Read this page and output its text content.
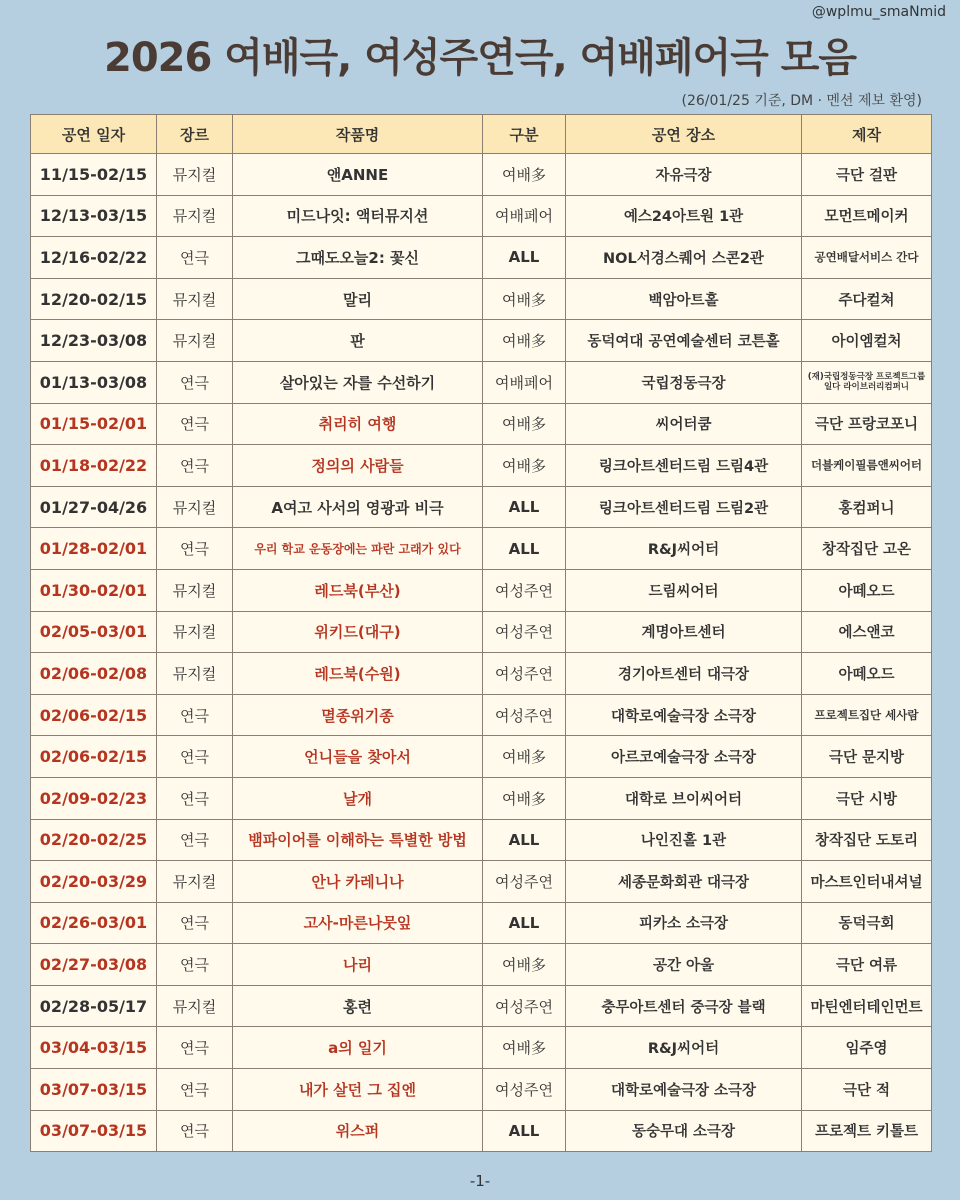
@wplmu_smaNmid
2026 여배극, 여성주연극, 여배페어극 모음
(26/01/25 기준, DM · 멘션 제보 환영)
공연 일자	장르	작품명	구분	공연 장소	제작
11/15-02/15	뮤지컬	앤ANNE	여배多	자유극장	극단 걸판
12/13-03/15	뮤지컬	미드나잇: 액터뮤지션	여배페어	예스24아트원 1관	모먼트메이커
12/16-02/22	연극	그때도오늘2: 꽃신	ALL	NOL서경스퀘어 스콘2관	공연배달서비스 간다
12/20-02/15	뮤지컬	말리	여배多	백암아트홀	주다컬쳐
12/23-03/08	뮤지컬	판	여배多	동덕여대 공연예술센터 코튼홀	아이엠컬처
01/13-03/08	연극	살아있는 자를 수선하기	여배페어	국립정동극장	(재)국립정동극장 프로젝트그룹일다 라이브러리컴퍼니
01/15-02/01	연극	취리히 여행	여배多	씨어터쿰	극단 프랑코포니
01/18-02/22	연극	정의의 사람들	여배多	링크아트센터드림 드림4관	더블케이필름앤씨어터
01/27-04/26	뮤지컬	A여고 사서의 영광과 비극	ALL	링크아트센터드림 드림2관	홍컴퍼니
01/28-02/01	연극	우리 학교 운동장에는 파란 고래가 있다	ALL	R&J씨어터	창작집단 고온
01/30-02/01	뮤지컬	레드북(부산)	여성주연	드림씨어터	아떼오드
02/05-03/01	뮤지컬	위키드(대구)	여성주연	계명아트센터	에스앤코
02/06-02/08	뮤지컬	레드북(수원)	여성주연	경기아트센터 대극장	아떼오드
02/06-02/15	연극	멸종위기종	여성주연	대학로예술극장 소극장	프로젝트집단 세사람
02/06-02/15	연극	언니들을 찾아서	여배多	아르코예술극장 소극장	극단 문지방
02/09-02/23	연극	날개	여배多	대학로 브이씨어터	극단 시방
02/20-02/25	연극	뱀파이어를 이해하는 특별한 방법	ALL	나인진홀 1관	창작집단 도토리
02/20-03/29	뮤지컬	안나 카레니나	여성주연	세종문화회관 대극장	마스트인터내셔널
02/26-03/01	연극	고사-마른나뭇잎	ALL	피카소 소극장	동덕극회
02/27-03/08	연극	나리	여배多	공간 아울	극단 여류
02/28-05/17	뮤지컬	홍련	여성주연	충무아트센터 중극장 블랙	마틴엔터테인먼트
03/04-03/15	연극	a의 일기	여배多	R&J씨어터	임주영
03/07-03/15	연극	내가 살던 그 집엔	여성주연	대학로예술극장 소극장	극단 적
03/07-03/15	연극	위스퍼	ALL	동숭무대 소극장	프로젝트 키톨트
-1-
